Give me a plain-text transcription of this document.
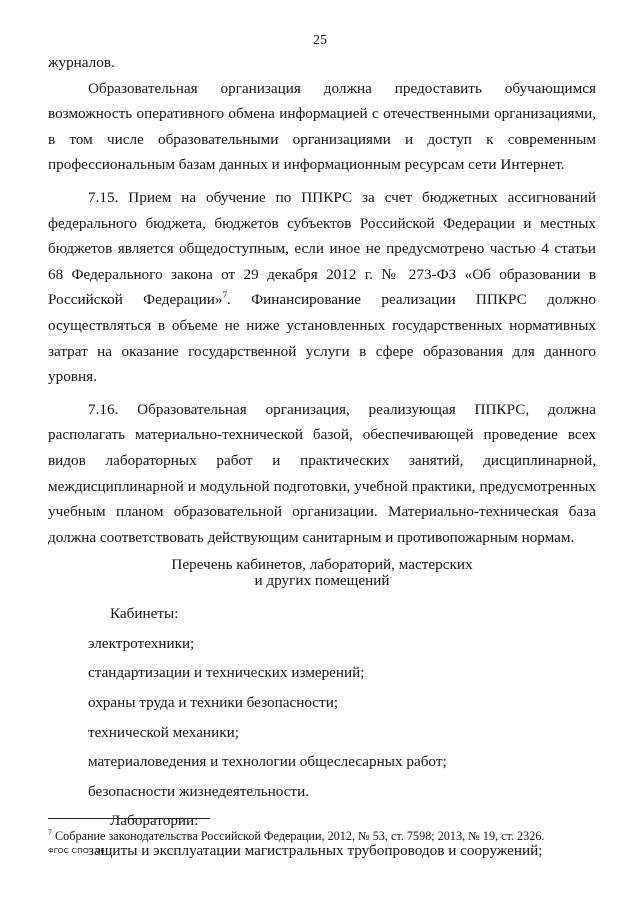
25

журналов.

Образовательная организация должна предоставить обучающимся возможность оперативного обмена информацией с отечественными организациями, в том числе образовательными организациями и доступ к современным профессиональным базам данных и информационным ресурсам сети Интернет.

7.15. Прием на обучение по ППКРС за счет бюджетных ассигнований федерального бюджета, бюджетов субъектов Российской Федерации и местных бюджетов является общедоступным, если иное не предусмотрено частью 4 статьи 68 Федерального закона от 29 декабря 2012 г. № 273-ФЗ «Об образовании в Российской Федерации»$^7$. Финансирование реализации ППКРС должно осуществляться в объеме не ниже установленных государственных нормативных затрат на оказание государственной услуги в сфере образования для данного уровня.

7.16. Образовательная организация, реализующая ППКРС, должна располагать материально-технической базой, обеспечивающей проведение всех видов лабораторных работ и практических занятий, дисциплинарной, междисциплинарной и модульной подготовки, учебной практики, предусмотренных учебным планом образовательной организации. Материально-техническая база должна соответствовать действующим санитарным и противопожарным нормам.

Перечень кабинетов, лабораторий, мастерских
и других помещений
Кабинеты:
электротехники;
стандартизации и технических измерений;
охраны труда и техники безопасности;
технической механики;
материаловедения и технологии общеслесарных работ;
безопасности жизнедеятельности.
Лаборатории:
защиты и эксплуатации магистральных трубопроводов и сооружений;
$^7$ Собрание законодательства Российской Федерации, 2012, № 53, ст. 7598; 2013, № 19, ст. 2326.
ФГОС СПО - 06
